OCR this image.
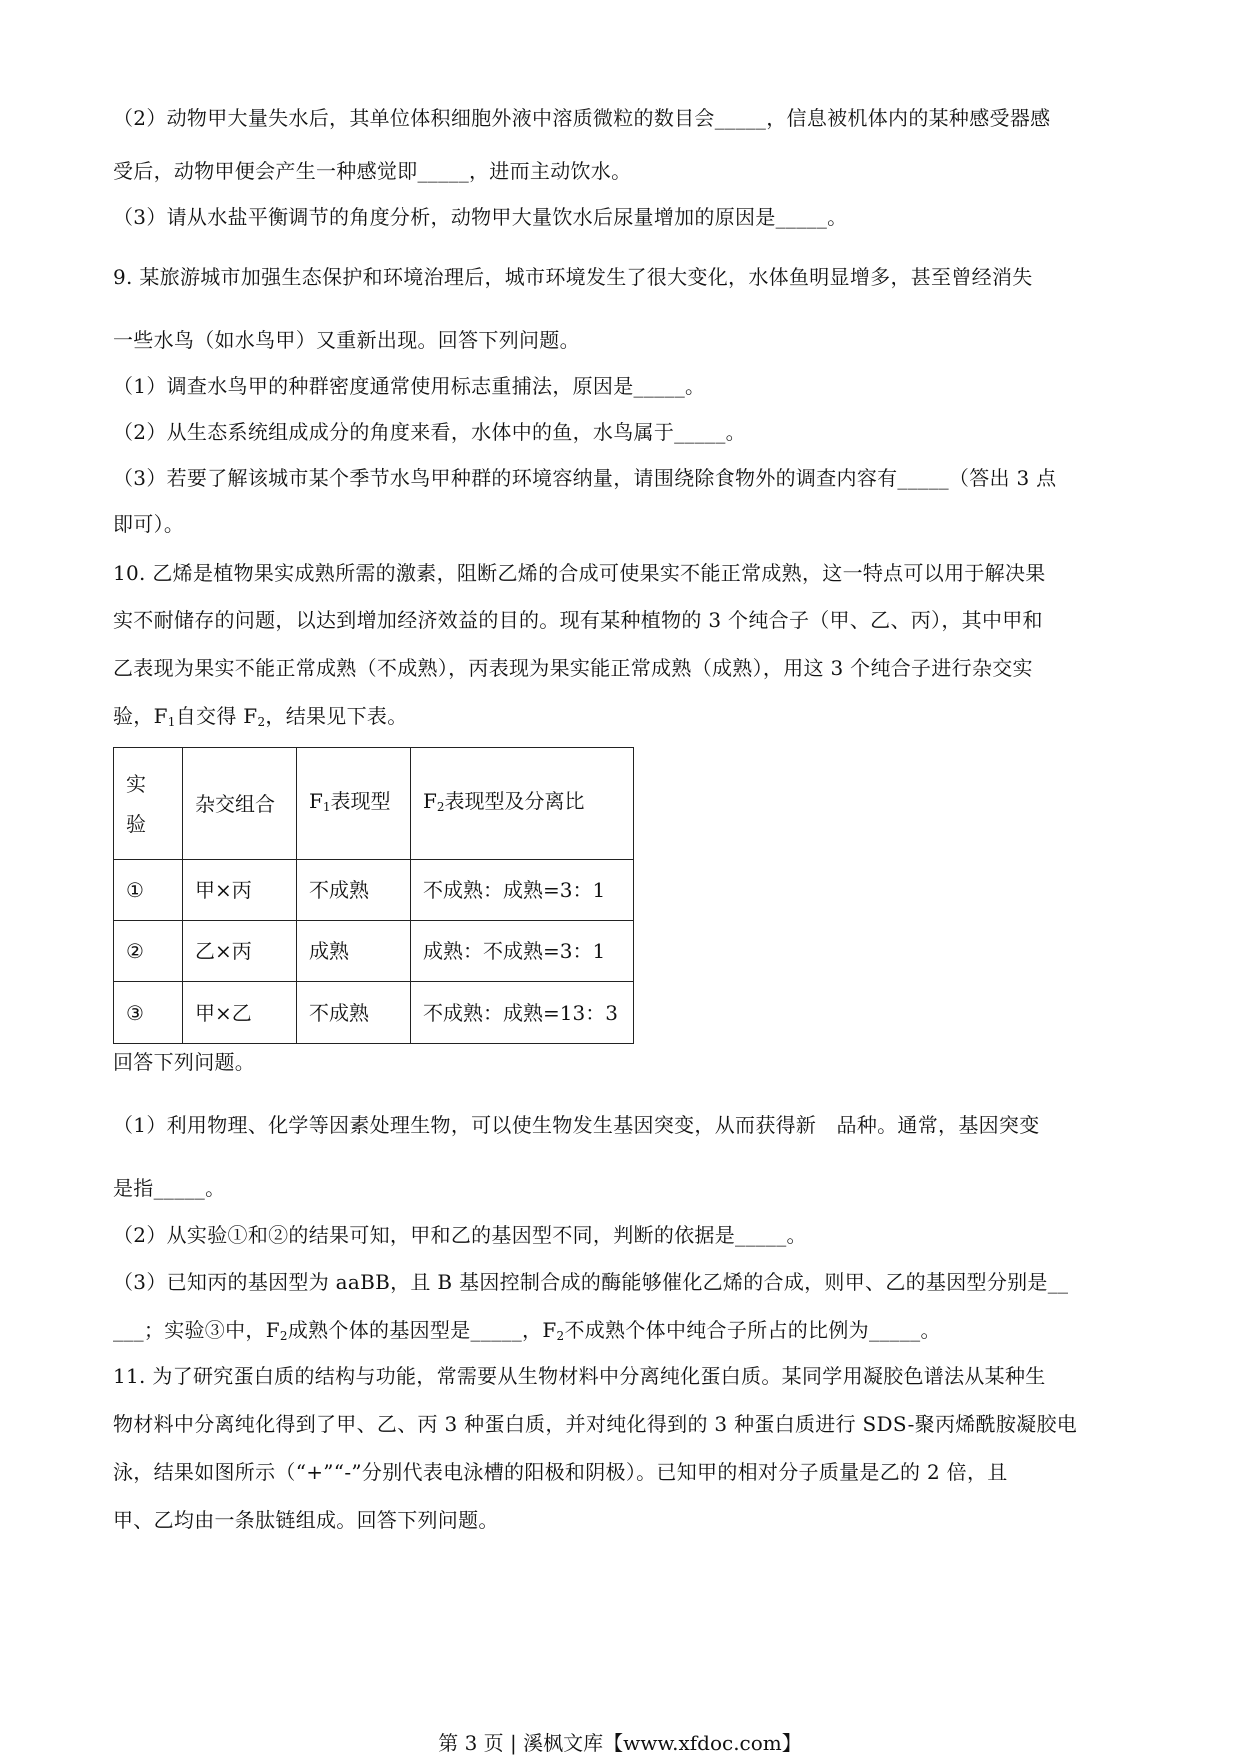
（2）动物甲大量失水后，其单位体积细胞外液中溶质微粒的数目会_____，信息被机体内的某种感受器感
受后，动物甲便会产生一种感觉即_____，进而主动饮水。
（3）请从水盐平衡调节的角度分析，动物甲大量饮水后尿量增加的原因是_____。
9. 某旅游城市加强生态保护和环境治理后，城市环境发生了很大变化，水体鱼明显增多，甚至曾经消失
一些水鸟（如水鸟甲）又重新出现。回答下列问题。
（1）调查水鸟甲的种群密度通常使用标志重捕法，原因是_____。
（2）从生态系统组成成分的角度来看，水体中的鱼，水鸟属于_____。
（3）若要了解该城市某个季节水鸟甲种群的环境容纳量，请围绕除食物外的调查内容有_____（答出 3 点
即可）。
10. 乙烯是植物果实成熟所需的激素，阻断乙烯的合成可使果实不能正常成熟，这一特点可以用于解决果
实不耐储存的问题，以达到增加经济效益的目的。现有某种植物的 3 个纯合子（甲、乙、丙），其中甲和
乙表现为果实不能正常成熟（不成熟），丙表现为果实能正常成熟（成熟），用这 3 个纯合子进行杂交实
验，$F_1$自交得 $F_2$，结果见下表。
实
验	杂交组合	$F_1$表现型	$F_2$表现型及分离比
①	甲×丙	不成熟	不成熟：成熟=3：1
②	乙×丙	成熟	成熟：不成熟=3：1
③	甲×乙	不成熟	不成熟：成熟=13：3
回答下列问题。
（1）利用物理、化学等因素处理生物，可以使生物发生基因突变，从而获得新　品种。通常，基因突变
是指_____。
（2）从实验①和②的结果可知，甲和乙的基因型不同，判断的依据是_____。
（3）已知丙的基因型为 aaBB，且 B 基因控制合成的酶能够催化乙烯的合成，则甲、乙的基因型分别是__
___；实验③中，$F_2$成熟个体的基因型是_____，$F_2$不成熟个体中纯合子所占的比例为_____。
11. 为了研究蛋白质的结构与功能，常需要从生物材料中分离纯化蛋白质。某同学用凝胶色谱法从某种生
物材料中分离纯化得到了甲、乙、丙 3 种蛋白质，并对纯化得到的 3 种蛋白质进行 SDS-聚丙烯酰胺凝胶电
泳，结果如图所示（“+”“-”分别代表电泳槽的阳极和阴极）。已知甲的相对分子质量是乙的 2 倍，且
甲、乙均由一条肽链组成。回答下列问题。
第 3 页 | 溪枫文库【www.xfdoc.com】
